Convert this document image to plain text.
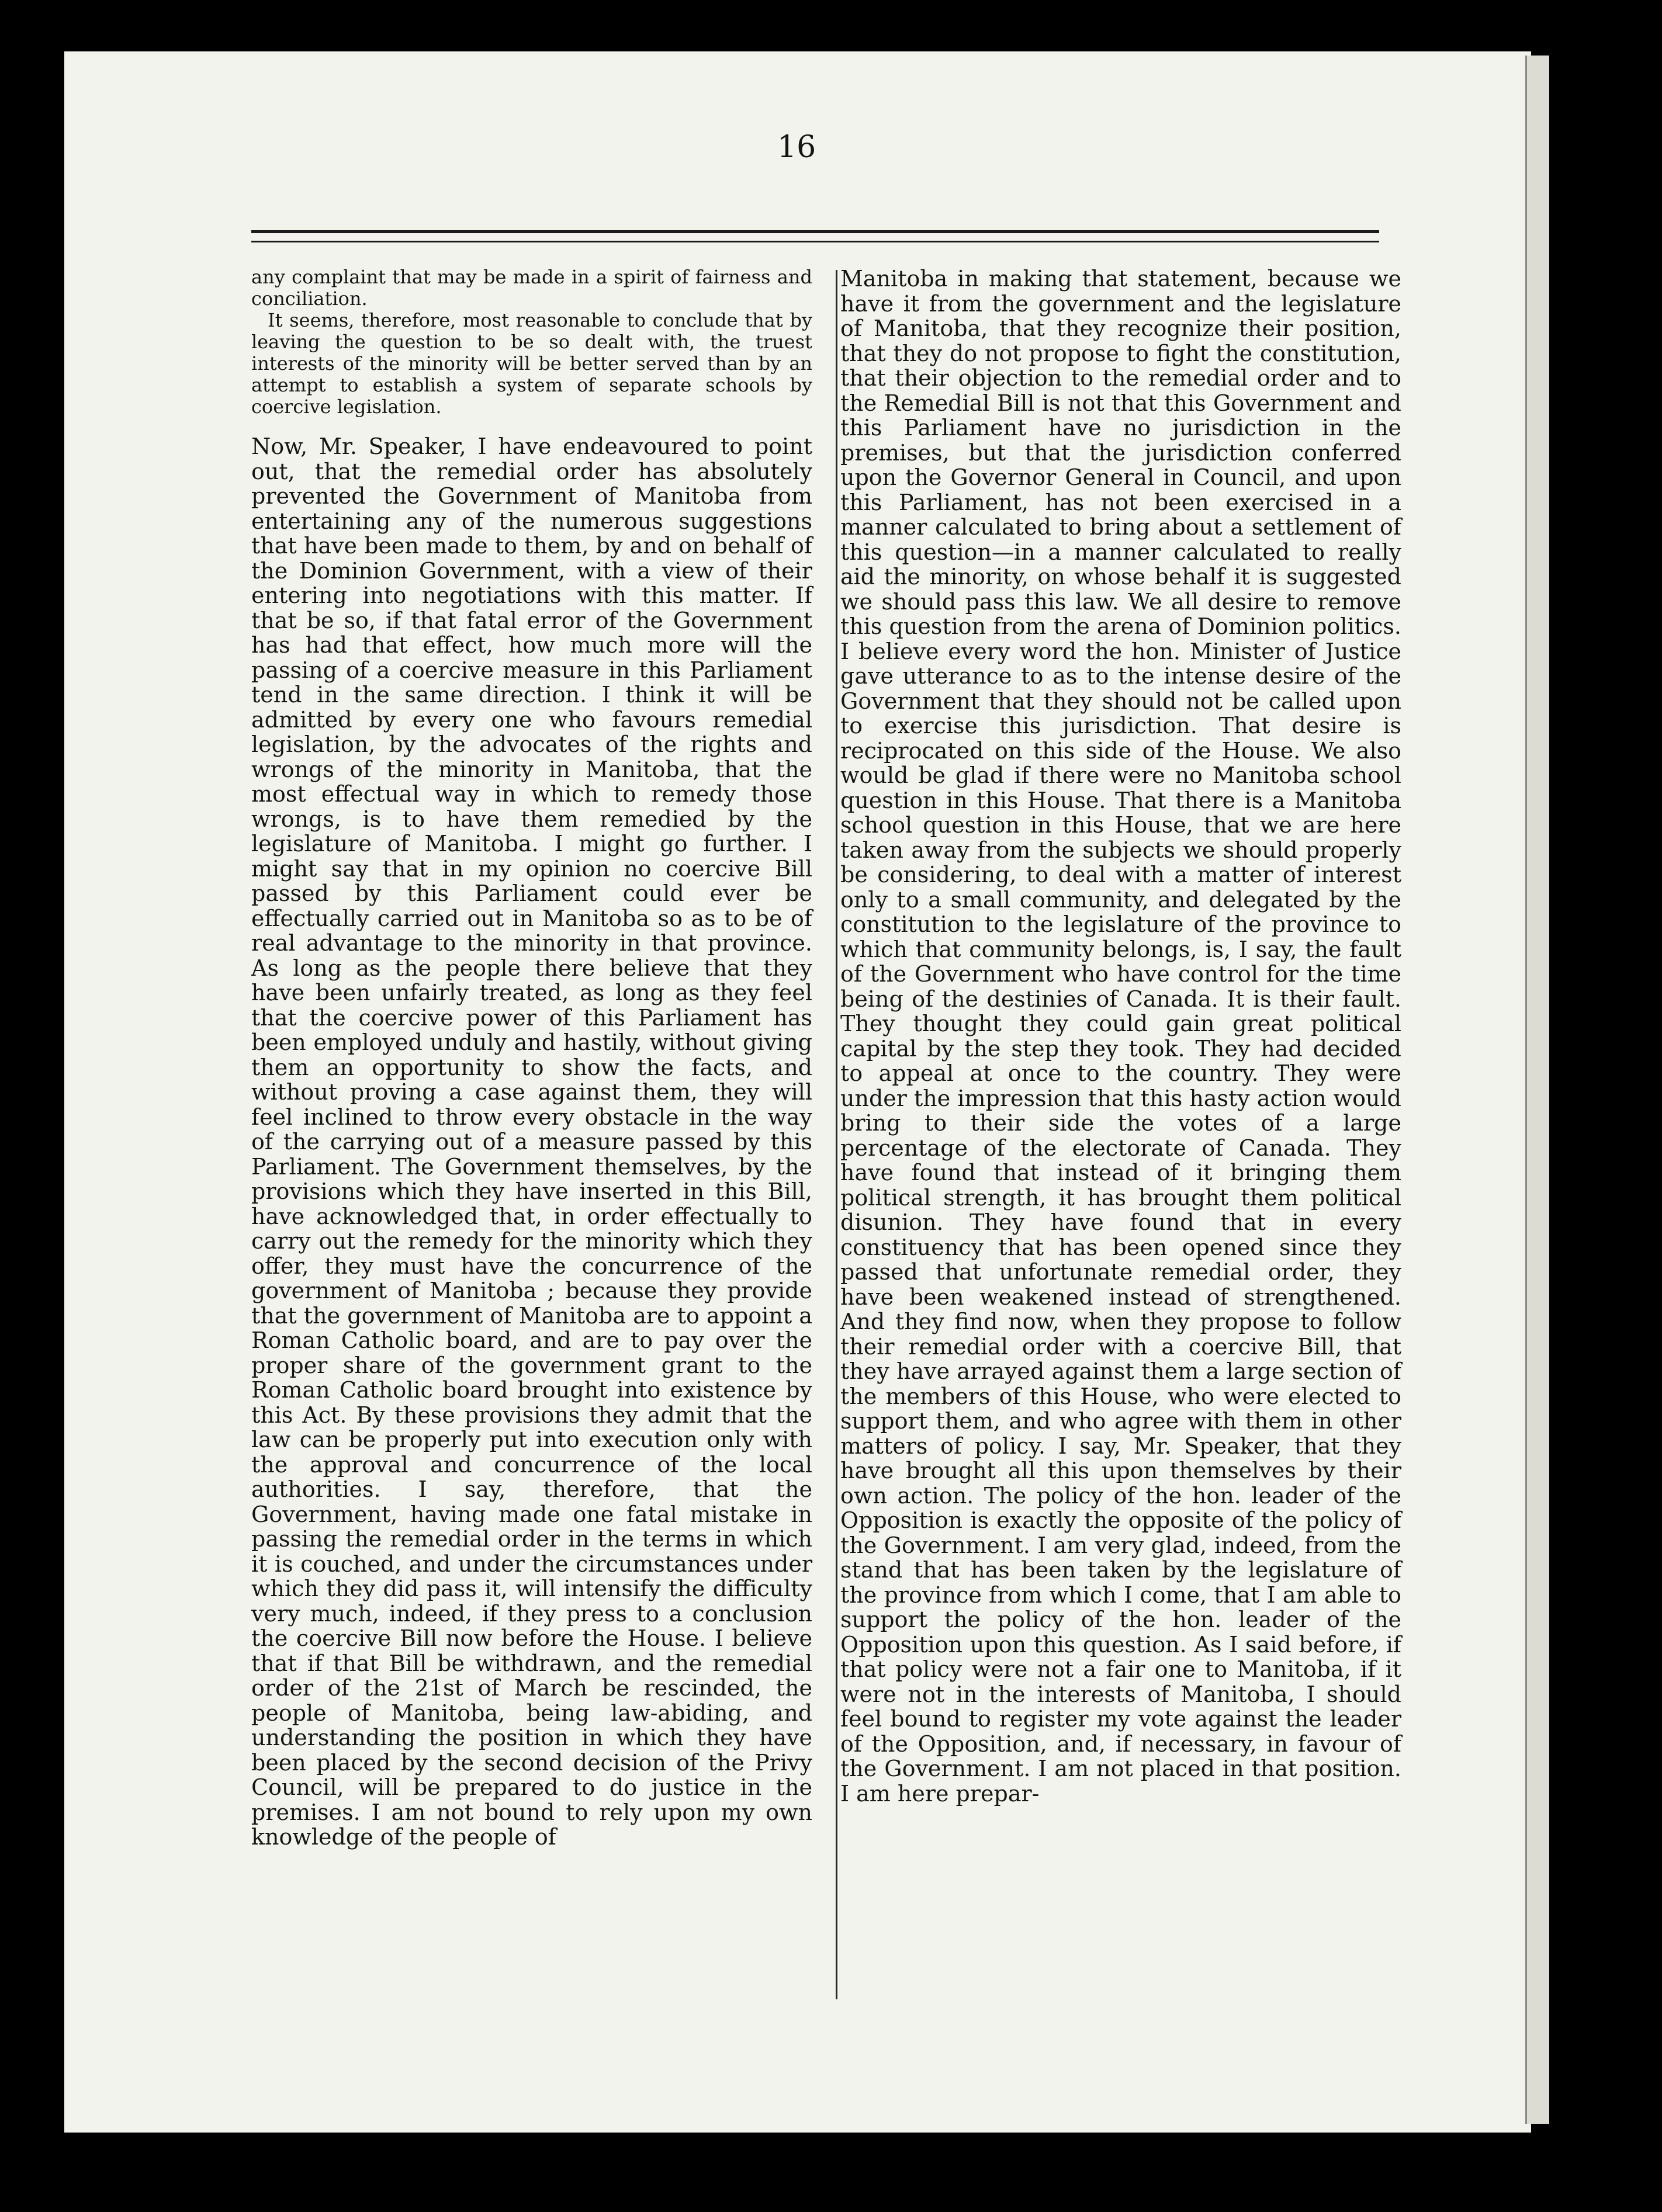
16

any complaint that may be made in a spirit of fairness and conciliation.

It seems, therefore, most reasonable to conclude that by leaving the question to be so dealt with, the truest interests of the minority will be better served than by an attempt to establish a system of separate schools by coercive legislation.

Now, Mr. Speaker, I have endeavoured to point out, that the remedial order has absolutely prevented the Government of Manitoba from entertaining any of the numerous suggestions that have been made to them, by and on behalf of the Dominion Government, with a view of their entering into negotiations with this matter. If that be so, if that fatal error of the Government has had that effect, how much more will the passing of a coercive measure in this Parliament tend in the same direction. I think it will be admitted by every one who favours remedial legislation, by the advocates of the rights and wrongs of the minority in Manitoba, that the most effectual way in which to remedy those wrongs, is to have them remedied by the legislature of Manitoba. I might go further. I might say that in my opinion no coercive Bill passed by this Parliament could ever be effectually carried out in Manitoba so as to be of real advantage to the minority in that province. As long as the people there believe that they have been unfairly treated, as long as they feel that the coercive power of this Parliament has been employed unduly and hastily, without giving them an opportunity to show the facts, and without proving a case against them, they will feel inclined to throw every obstacle in the way of the carrying out of a measure passed by this Parliament. The Government themselves, by the provisions which they have inserted in this Bill, have acknowledged that, in order effectually to carry out the remedy for the minority which they offer, they must have the concurrence of the government of Manitoba ; because they provide that the government of Manitoba are to appoint a Roman Catholic board, and are to pay over the proper share of the government grant to the Roman Catholic board brought into existence by this Act. By these provisions they admit that the law can be properly put into execution only with the approval and concurrence of the local authorities. I say, therefore, that the Government, having made one fatal mistake in passing the remedial order in the terms in which it is couched, and under the circumstances under which they did pass it, will intensify the difficulty very much, indeed, if they press to a conclusion the coercive Bill now before the House. I believe that if that Bill be withdrawn, and the remedial order of the 21st of March be rescinded, the people of Manitoba, being law-abiding, and understanding the position in which they have been placed by the second decision of the Privy Council, will be prepared to do justice in the premises. I am not bound to rely upon my own knowledge of the people of

Manitoba in making that statement, because we have it from the government and the legislature of Manitoba, that they recognize their position, that they do not propose to fight the constitution, that their objection to the remedial order and to the Remedial Bill is not that this Government and this Parliament have no jurisdiction in the premises, but that the jurisdiction conferred upon the Governor General in Council, and upon this Parliament, has not been exercised in a manner calculated to bring about a settlement of this question—in a manner calculated to really aid the minority, on whose behalf it is suggested we should pass this law. We all desire to remove this question from the arena of Dominion politics. I believe every word the hon. Minister of Justice gave utterance to as to the intense desire of the Government that they should not be called upon to exercise this jurisdiction. That desire is reciprocated on this side of the House. We also would be glad if there were no Manitoba school question in this House. That there is a Manitoba school question in this House, that we are here taken away from the subjects we should properly be considering, to deal with a matter of interest only to a small community, and delegated by the constitution to the legislature of the province to which that community belongs, is, I say, the fault of the Government who have control for the time being of the destinies of Canada. It is their fault. They thought they could gain great political capital by the step they took. They had decided to appeal at once to the country. They were under the impression that this hasty action would bring to their side the votes of a large percentage of the electorate of Canada. They have found that instead of it bringing them political strength, it has brought them political disunion. They have found that in every constituency that has been opened since they passed that unfortunate remedial order, they have been weakened instead of strengthened. And they find now, when they propose to follow their remedial order with a coercive Bill, that they have arrayed against them a large section of the members of this House, who were elected to support them, and who agree with them in other matters of policy. I say, Mr. Speaker, that they have brought all this upon themselves by their own action. The policy of the hon. leader of the Opposition is exactly the opposite of the policy of the Government. I am very glad, indeed, from the stand that has been taken by the legislature of the province from which I come, that I am able to support the policy of the hon. leader of the Opposition upon this question. As I said before, if that policy were not a fair one to Manitoba, if it were not in the interests of Manitoba, I should feel bound to register my vote against the leader of the Opposition, and, if necessary, in favour of the Government. I am not placed in that position. I am here prepar-
